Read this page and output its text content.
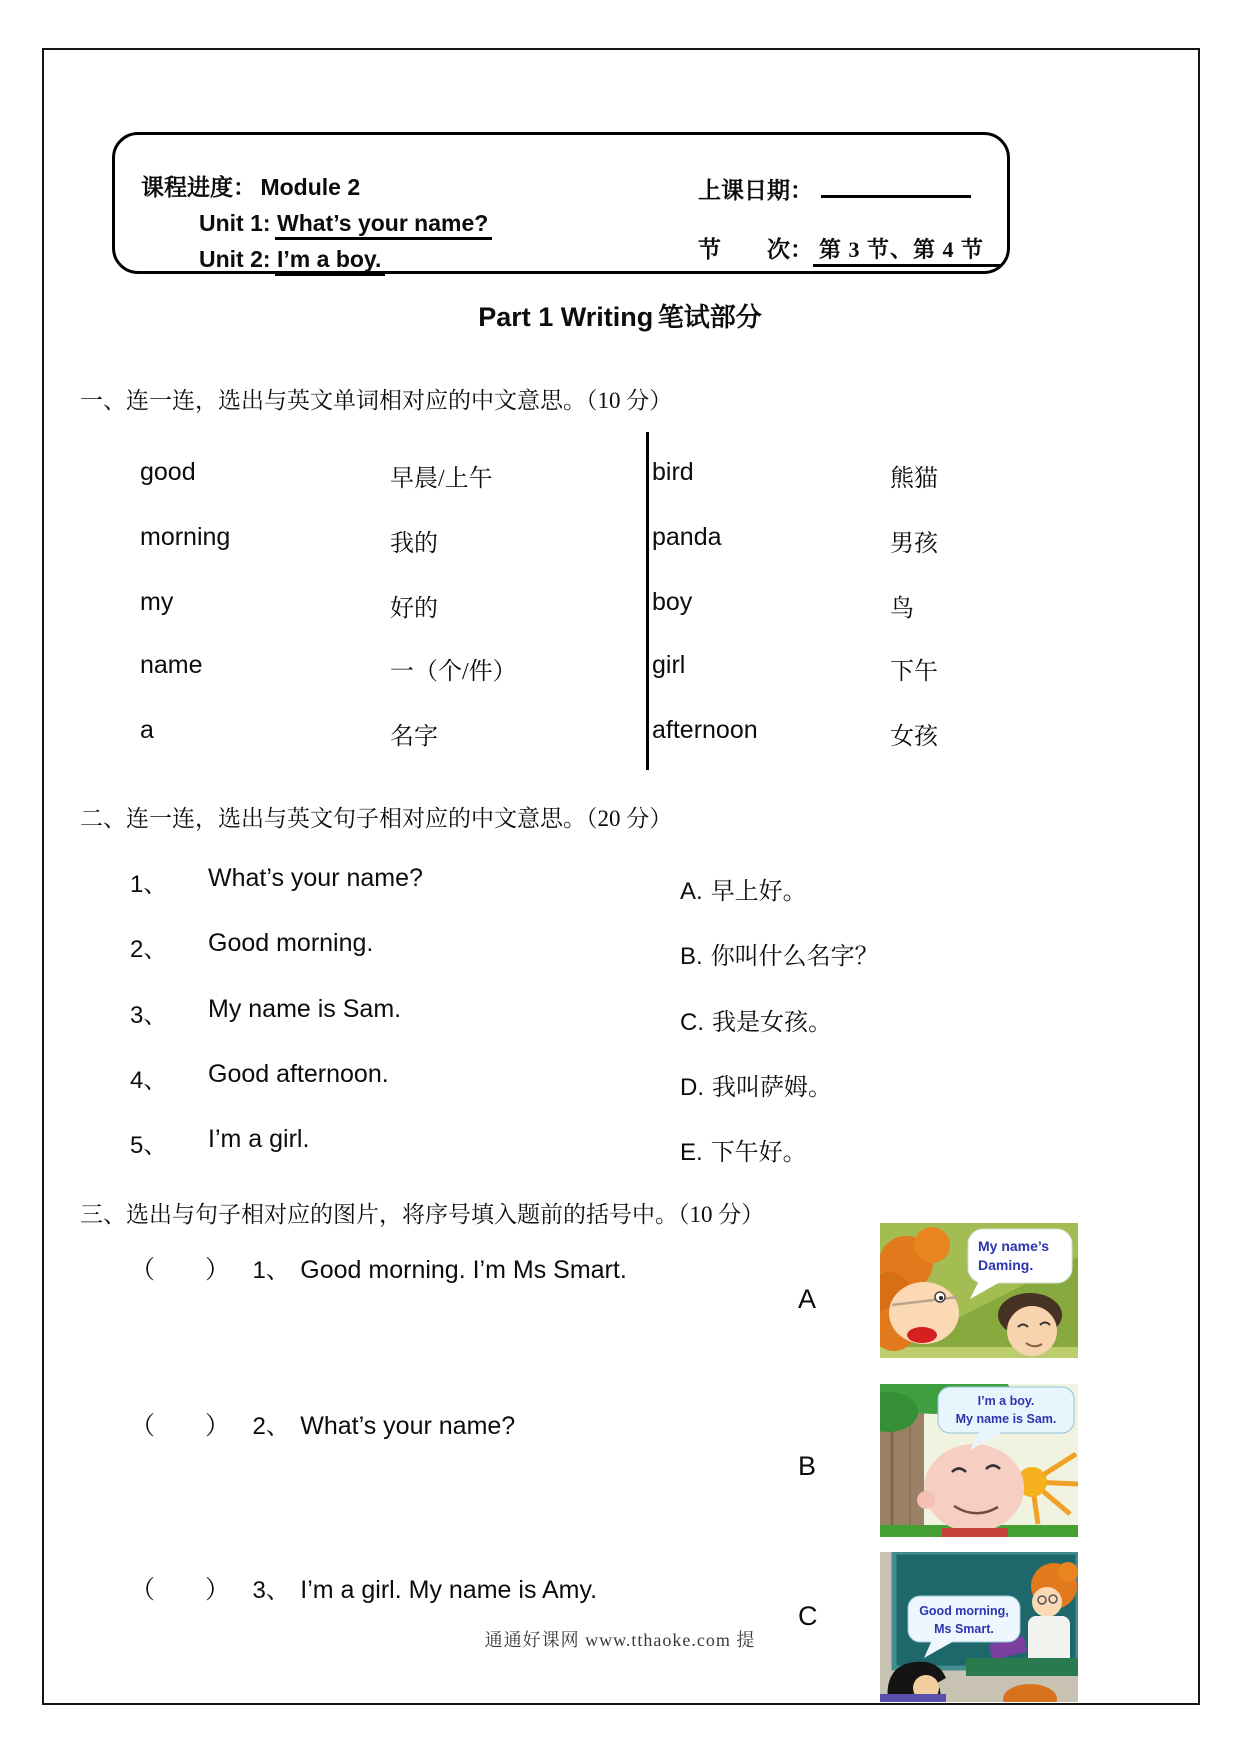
课程进度： Module 2
Unit 1: What’s your name?
Unit 2: I’m a boy.
上课日期：
节　　次： 第 3 节、第 4 节
Part 1 Writing 笔试部分
一、连一连，选出与英文单词相对应的中文意思。（10 分）
good	早晨/上午	bird	熊猫
morning	我的	panda	男孩
my	好的	boy	鸟
name	一（个/件）	girl	下午
a	名字	afternoon	女孩
二、连一连，选出与英文句子相对应的中文意思。（20 分）
1、 What’s your name?
2、 Good morning.
3、 My name is Sam.
4、 Good afternoon.
5、 I’m a girl.
A. 早上好。
B. 你叫什么名字？
C. 我是女孩。
D. 我叫萨姆。
E. 下午好。
三、选出与句子相对应的图片，将序号填入题前的括号中。（10 分）
（　　） 1、 Good morning. I’m Ms Smart.
（　　） 2、 What’s your name?
（　　） 3、 I’m a girl. My name is Amy.
A
B
C
My name’s
Daming.
I’m a boy.
My name is Sam.
Good morning,
Ms Smart.
通通好课网 www.tthaoke.com 提
